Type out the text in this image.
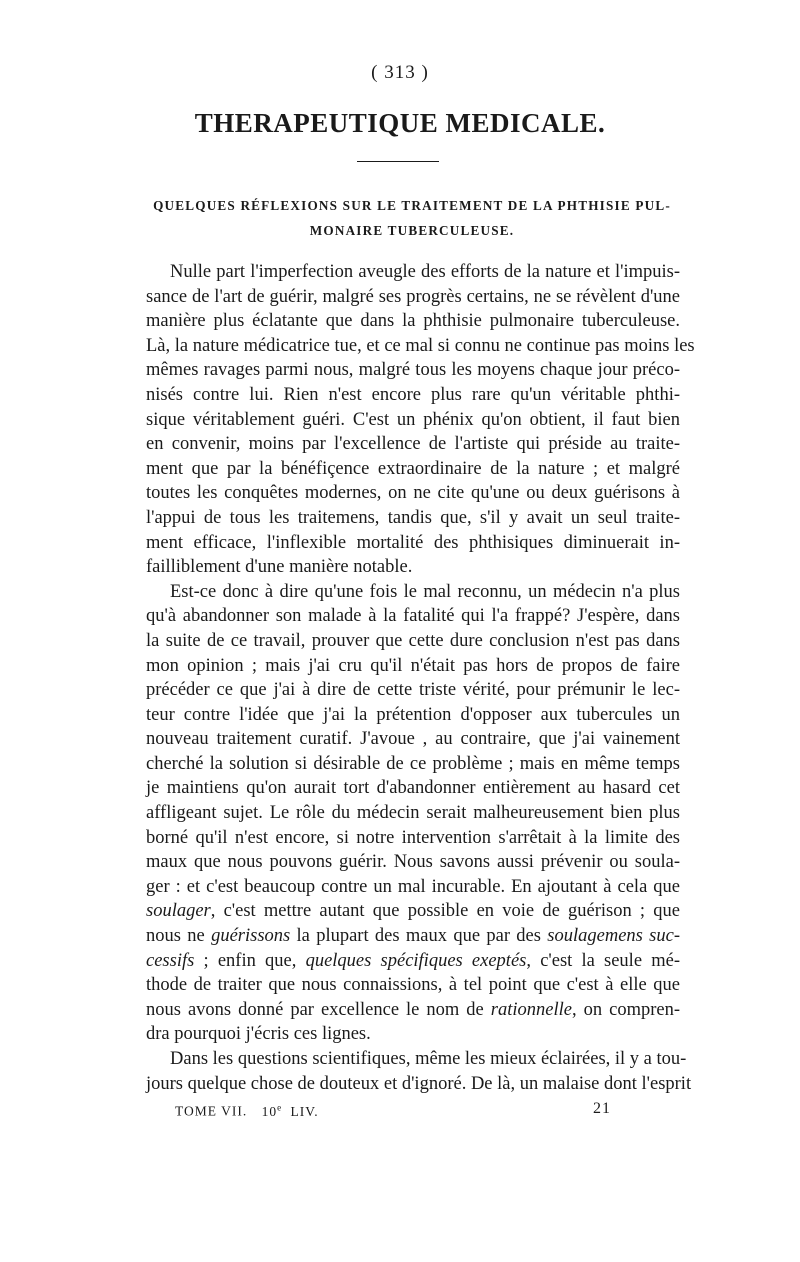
( 313 )
THERAPEUTIQUE MEDICALE.
QUELQUES RÉFLEXIONS SUR LE TRAITEMENT DE LA PHTHISIE PUL-
MONAIRE TUBERCULEUSE.
Nulle part l'imperfection aveugle des efforts de la nature et l'impuis-
sance de l'art de guérir, malgré ses progrès certains, ne se révèlent d'une
manière plus éclatante que dans la phthisie pulmonaire tuberculeuse.
Là, la nature médicatrice tue, et ce mal si connu ne continue pas moins les
mêmes ravages parmi nous, malgré tous les moyens chaque jour préco-
nisés contre lui. Rien n'est encore plus rare qu'un véritable phthi-
sique véritablement guéri. C'est un phénix qu'on obtient, il faut bien
en convenir, moins par l'excellence de l'artiste qui préside au traite-
ment que par la bénéfiçence extraordinaire de la nature ; et malgré
toutes les conquêtes modernes, on ne cite qu'une ou deux guérisons à
l'appui de tous les traitemens, tandis que, s'il y avait un seul traite-
ment efficace, l'inflexible mortalité des phthisiques diminuerait in-
failliblement d'une manière notable.
Est-ce donc à dire qu'une fois le mal reconnu, un médecin n'a plus
qu'à abandonner son malade à la fatalité qui l'a frappé? J'espère, dans
la suite de ce travail, prouver que cette dure conclusion n'est pas dans
mon opinion ; mais j'ai cru qu'il n'était pas hors de propos de faire
précéder ce que j'ai à dire de cette triste vérité, pour prémunir le lec-
teur contre l'idée que j'ai la prétention d'opposer aux tubercules un
nouveau traitement curatif. J'avoue , au contraire, que j'ai vainement
cherché la solution si désirable de ce problème ; mais en même temps
je maintiens qu'on aurait tort d'abandonner entièrement au hasard cet
affligeant sujet. Le rôle du médecin serait malheureusement bien plus
borné qu'il n'est encore, si notre intervention s'arrêtait à la limite des
maux que nous pouvons guérir. Nous savons aussi prévenir ou soula-
ger : et c'est beaucoup contre un mal incurable. En ajoutant à cela que
soulager, c'est mettre autant que possible en voie de guérison ; que
nous ne guérissons la plupart des maux que par des soulagemens suc-
cessifs ; enfin que, quelques spécifiques exeptés, c'est la seule mé-
thode de traiter que nous connaissions, à tel point que c'est à elle que
nous avons donné par excellence le nom de rationnelle, on compren-
dra pourquoi j'écris ces lignes.
Dans les questions scientifiques, même les mieux éclairées, il y a tou-
jours quelque chose de douteux et d'ignoré. De là, un malaise dont l'esprit
TOME VII. 10e LIV.	21
